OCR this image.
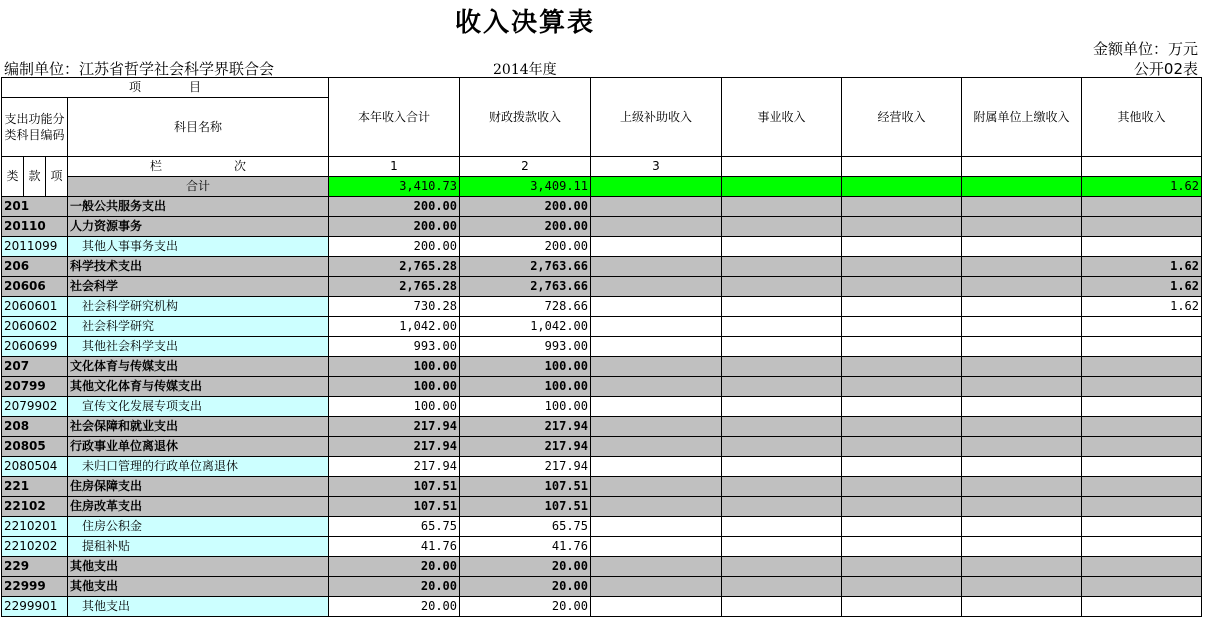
收入决算表
金额单位：万元
编制单位：江苏省哲学社会科学界联合会	2014年度	公开02表
项　　　　目				本年收入合计	财政拨款收入	上级补助收入	事业收入	经营收入	附属单位上缴收入	其他收入
支出功能分类科目编码			科目名称							

类	款	项	栏　　　　　　次	1	2	3				
			合计	3,410.73	3,409.11					1.62
201			一般公共服务支出	200.00	200.00					
20110			人力资源事务	200.00	200.00					
2011099			其他人事事务支出	200.00	200.00					
206			科学技术支出	2,765.28	2,763.66					1.62
20606			社会科学	2,765.28	2,763.66					1.62
2060601			社会科学研究机构	730.28	728.66					1.62
2060602			社会科学研究	1,042.00	1,042.00					
2060699			其他社会科学支出	993.00	993.00					
207			文化体育与传媒支出	100.00	100.00					
20799			其他文化体育与传媒支出	100.00	100.00					
2079902			宣传文化发展专项支出	100.00	100.00					
208			社会保障和就业支出	217.94	217.94					
20805			行政事业单位离退休	217.94	217.94					
2080504			未归口管理的行政单位离退休	217.94	217.94					
221			住房保障支出	107.51	107.51					
22102			住房改革支出	107.51	107.51					
2210201			住房公积金	65.75	65.75					
2210202			提租补贴	41.76	41.76					
229			其他支出	20.00	20.00					
22999			其他支出	20.00	20.00					
2299901			其他支出	20.00	20.00					
